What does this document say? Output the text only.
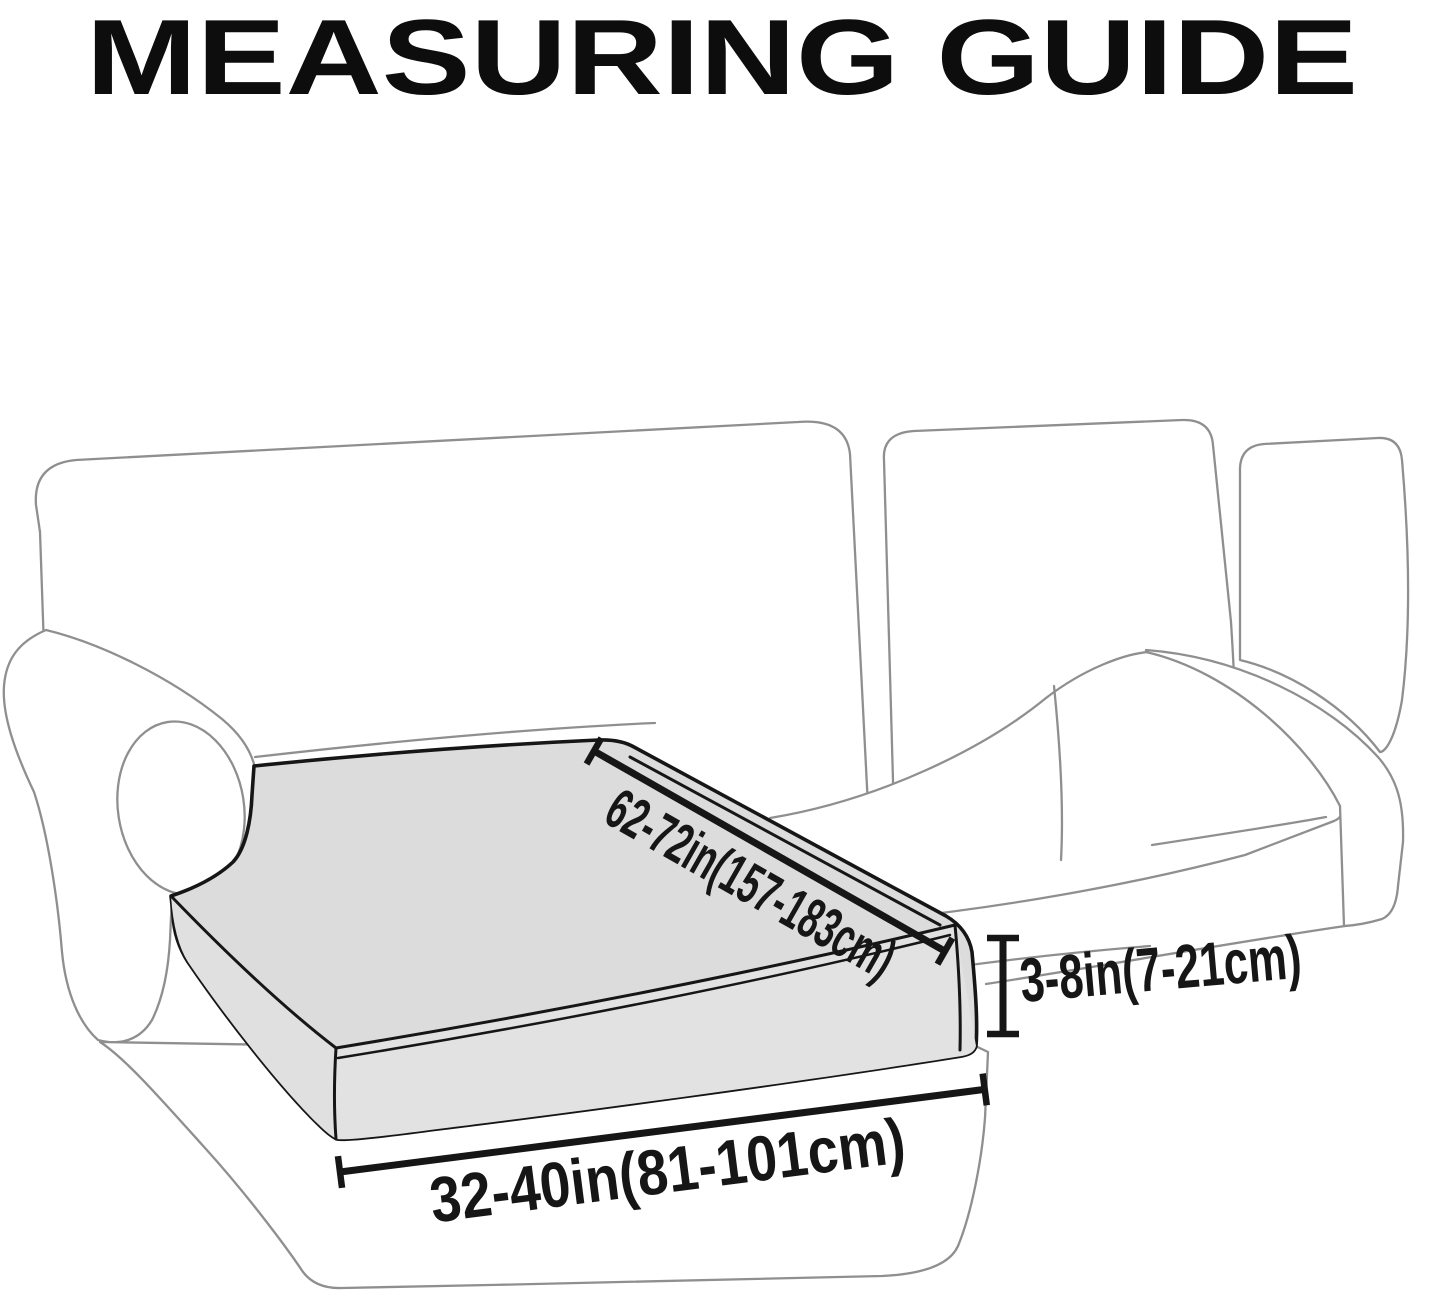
MEASURING GUIDE
62-72in(157-183cm)
3-8in(7-21cm)
32-40in(81-101cm)
